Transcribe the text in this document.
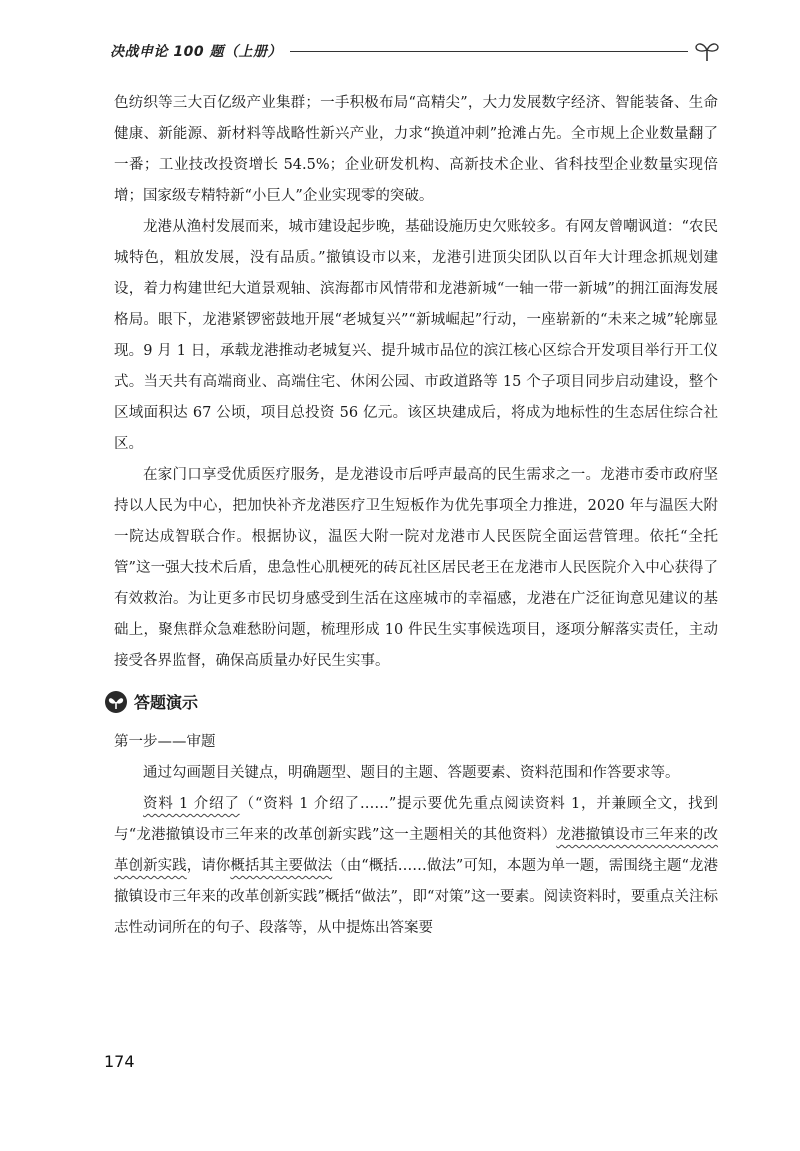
决战申论 100 题（上册）

色纺织等三大百亿级产业集群；一手积极布局“高精尖”，大力发展数字经济、智能装备、生命健康、新能源、新材料等战略性新兴产业，力求“换道冲刺”抢滩占先。全市规上企业数量翻了一番；工业技改投资增长 54.5%；企业研发机构、高新技术企业、省科技型企业数量实现倍增；国家级专精特新“小巨人”企业实现零的突破。

龙港从渔村发展而来，城市建设起步晚，基础设施历史欠账较多。有网友曾嘲讽道：“农民城特色，粗放发展，没有品质。”撤镇设市以来，龙港引进顶尖团队以百年大计理念抓规划建设，着力构建世纪大道景观轴、滨海都市风情带和龙港新城“一轴一带一新城”的拥江面海发展格局。眼下，龙港紧锣密鼓地开展“老城复兴”“新城崛起”行动，一座崭新的“未来之城”轮廓显现。9 月 1 日，承载龙港推动老城复兴、提升城市品位的滨江核心区综合开发项目举行开工仪式。当天共有高端商业、高端住宅、休闲公园、市政道路等 15 个子项目同步启动建设，整个区域面积达 67 公顷，项目总投资 56 亿元。该区块建成后，将成为地标性的生态居住综合社区。

在家门口享受优质医疗服务，是龙港设市后呼声最高的民生需求之一。龙港市委市政府坚持以人民为中心，把加快补齐龙港医疗卫生短板作为优先事项全力推进，2020 年与温医大附一院达成智联合作。根据协议，温医大附一院对龙港市人民医院全面运营管理。依托“全托管”这一强大技术后盾，患急性心肌梗死的砖瓦社区居民老王在龙港市人民医院介入中心获得了有效救治。为让更多市民切身感受到生活在这座城市的幸福感，龙港在广泛征询意见建议的基础上，聚焦群众急难愁盼问题，梳理形成 10 件民生实事候选项目，逐项分解落实责任，主动接受各界监督，确保高质量办好民生实事。

答题演示

第一步——审题

通过勾画题目关键点，明确题型、题目的主题、答题要素、资料范围和作答要求等。

资料 1 介绍了（“资料 1 介绍了……”提示要优先重点阅读资料 1，并兼顾全文，找到与“龙港撤镇设市三年来的改革创新实践”这一主题相关的其他资料）龙港撤镇设市三年来的改革创新实践，请你概括其主要做法（由“概括……做法”可知，本题为单一题，需围绕主题“龙港撤镇设市三年来的改革创新实践”概括“做法”，即“对策”这一要素。阅读资料时，要重点关注标志性动词所在的句子、段落等，从中提炼出答案要

174
